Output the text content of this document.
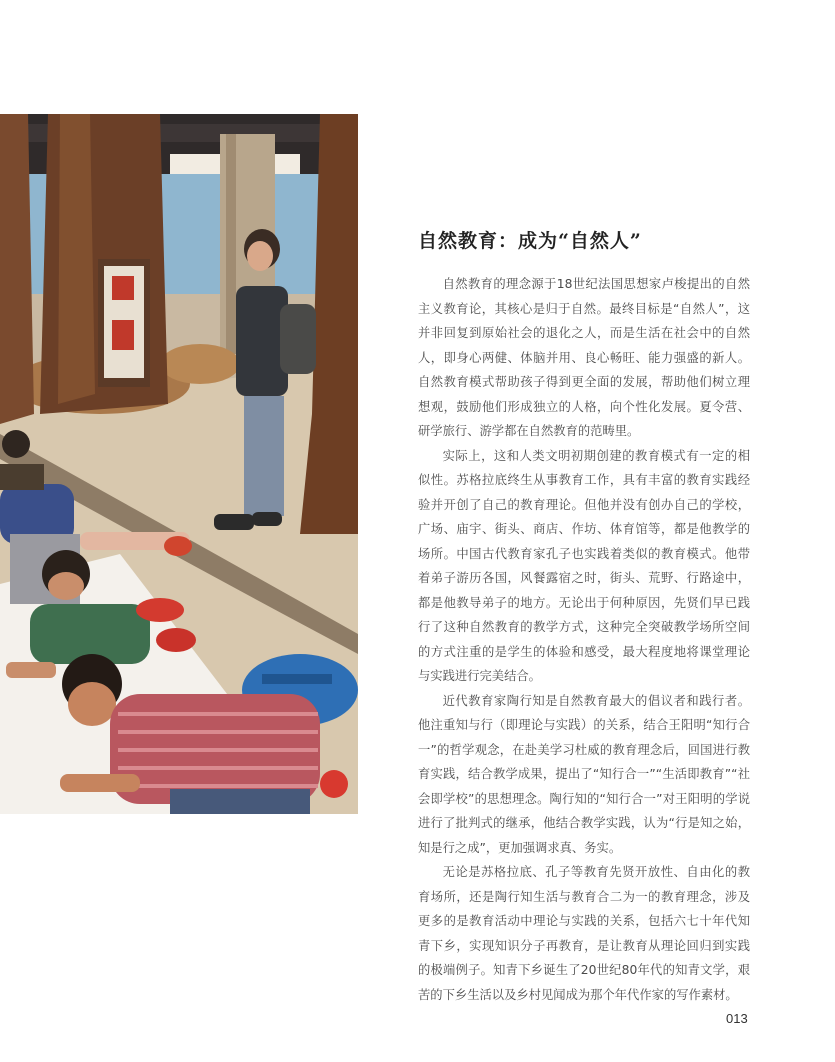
自然教育：成为“自然人”

自然教育的理念源于18世纪法国思想家卢梭提出的自然主义教育论，其核心是归于自然。最终目标是“自然人”，这并非回复到原始社会的退化之人，而是生活在社会中的自然人，即身心两健、体脑并用、良心畅旺、能力强盛的新人。自然教育模式帮助孩子得到更全面的发展，帮助他们树立理想观，鼓励他们形成独立的人格，向个性化发展。夏令营、研学旅行、游学都在自然教育的范畴里。

实际上，这和人类文明初期创建的教育模式有一定的相似性。苏格拉底终生从事教育工作，具有丰富的教育实践经验并开创了自己的教育理论。但他并没有创办自己的学校，广场、庙宇、街头、商店、作坊、体育馆等，都是他教学的场所。中国古代教育家孔子也实践着类似的教育模式。他带着弟子游历各国，风餐露宿之时，街头、荒野、行路途中，都是他教导弟子的地方。无论出于何种原因，先贤们早已践行了这种自然教育的教学方式，这种完全突破教学场所空间的方式注重的是学生的体验和感受，最大程度地将课堂理论与实践进行完美结合。

近代教育家陶行知是自然教育最大的倡议者和践行者。他注重知与行（即理论与实践）的关系，结合王阳明“知行合一”的哲学观念，在赴美学习杜威的教育理念后，回国进行教育实践，结合教学成果，提出了“知行合一”“生活即教育”“社会即学校”的思想理念。陶行知的“知行合一”对王阳明的学说进行了批判式的继承，他结合教学实践，认为“行是知之始，知是行之成”，更加强调求真、务实。

无论是苏格拉底、孔子等教育先贤开放性、自由化的教育场所，还是陶行知生活与教育合二为一的教育理念，涉及更多的是教育活动中理论与实践的关系，包括六七十年代知青下乡，实现知识分子再教育，是让教育从理论回归到实践的极端例子。知青下乡诞生了20世纪80年代的知青文学，艰苦的下乡生活以及乡村见闻成为那个年代作家的写作素材。

013
